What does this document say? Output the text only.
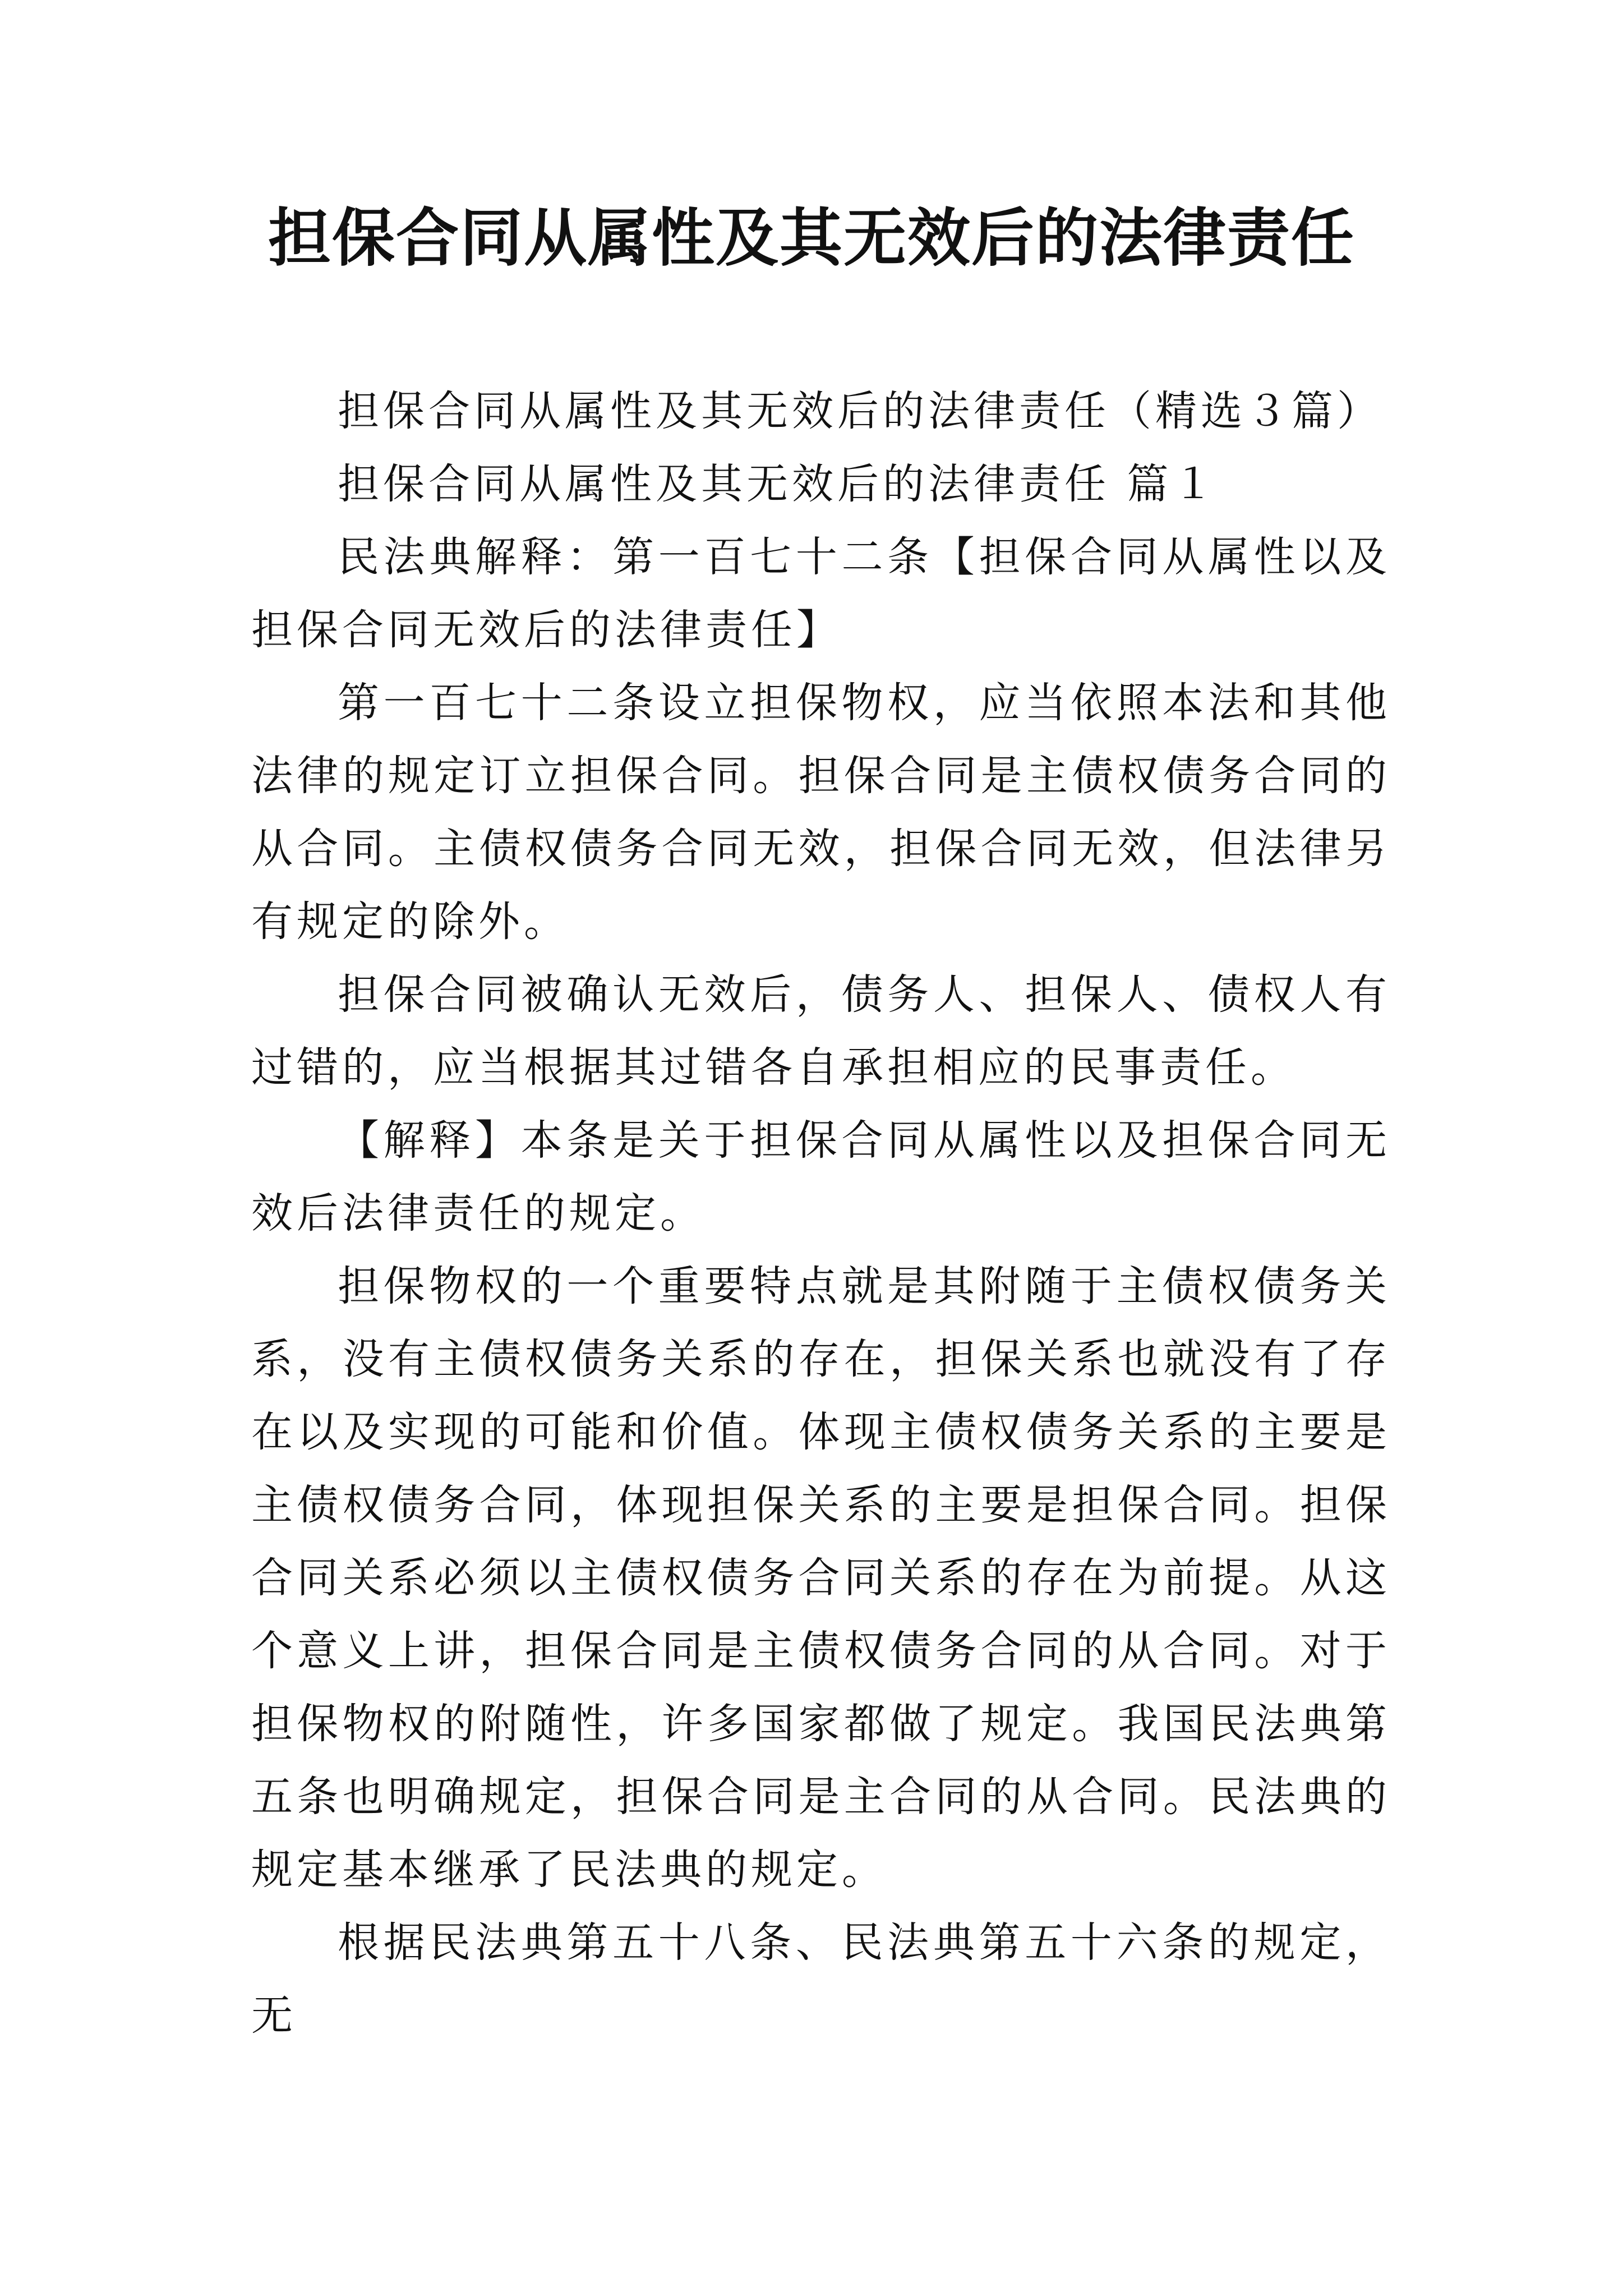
担保合同从属性及其无效后的法律责任

担保合同从属性及其无效后的法律责任（精选３篇）

担保合同从属性及其无效后的法律责任 篇１

民法典解释：第一百七十二条【担保合同从属性以及担保合同无效后的法律责任】

第一百七十二条设立担保物权，应当依照本法和其他法律的规定订立担保合同。担保合同是主债权债务合同的从合同。主债权债务合同无效，担保合同无效，但法律另有规定的除外。

担保合同被确认无效后，债务人、担保人、债权人有过错的，应当根据其过错各自承担相应的民事责任。

【解释】本条是关于担保合同从属性以及担保合同无效后法律责任的规定。

担保物权的一个重要特点就是其附随于主债权债务关系，没有主债权债务关系的存在，担保关系也就没有了存在以及实现的可能和价值。体现主债权债务关系的主要是主债权债务合同，体现担保关系的主要是担保合同。担保合同关系必须以主债权债务合同关系的存在为前提。从这个意义上讲，担保合同是主债权债务合同的从合同。对于担保物权的附随性，许多国家都做了规定。我国民法典第五条也明确规定，担保合同是主合同的从合同。民法典的规定基本继承了民法典的规定。

根据民法典第五十八条、民法典第五十六条的规定，无
